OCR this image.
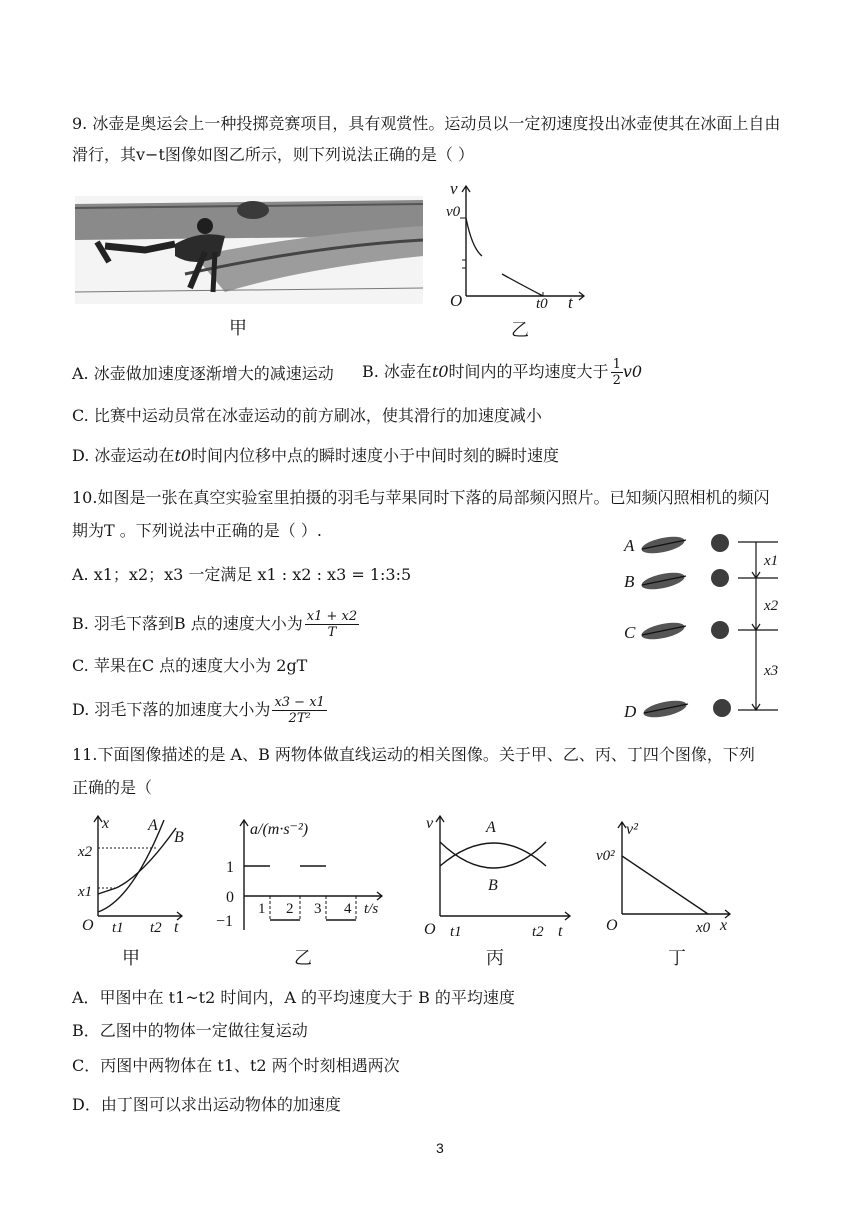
9. 冰壶是奥运会上一种投掷竞赛项目，具有观赏性。运动员以一定初速度投出冰壶使其在冰面上自由
滑行，其v−t图像如图乙所示，则下列说法正确的是（ ）
甲
v
v0
O	t0 t
乙
A. 冰壶做加速度逐渐增大的减速运动 B. 冰壶在 t0 时间内的平均速度大于 $\frac{1}{2} v0$
C. 比赛中运动员常在冰壶运动的前方刷冰，使其滑行的加速度减小
D. 冰壶运动在t0时间内位移中点的瞬时速度小于中间时刻的瞬时速度
10.如图是一张在真空实验室里拍摄的羽毛与苹果同时下落的局部频闪照片。已知频闪照相机的频闪
期为T 。下列说法中正确的是（ ）.
A. x1；x2；x3 一定满足 x1 : x2 : x3 = 1:3:5
B. 羽毛下落到B 点的速度大小为 $\frac{x1 + x2}{T}$
C. 苹果在C 点的速度大小为 2gT
D. 羽毛下落的加速度大小为 $\frac{x3 - x1}{\text{2T²}}$
A
B
C
D
x1
x2
x3
11.下面图像描述的是 A、B 两物体做直线运动的相关图像。关于甲、乙、丙、丁四个图像，下列
正确的是（
x A
B
x2
x1
O t1 t2 t
甲
a/(m·s⁻²)
1
0
−1
1 2 3 4 t/s
乙
v	A
B
O t1	t2 t
丙
v²
v0²
O	x0 x
丁
A．甲图中在 t1~t2 时间内，A 的平均速度大于 B 的平均速度
B．乙图中的物体一定做往复运动
C．丙图中两物体在 t1、t2 两个时刻相遇两次
D．由丁图可以求出运动物体的加速度
3
